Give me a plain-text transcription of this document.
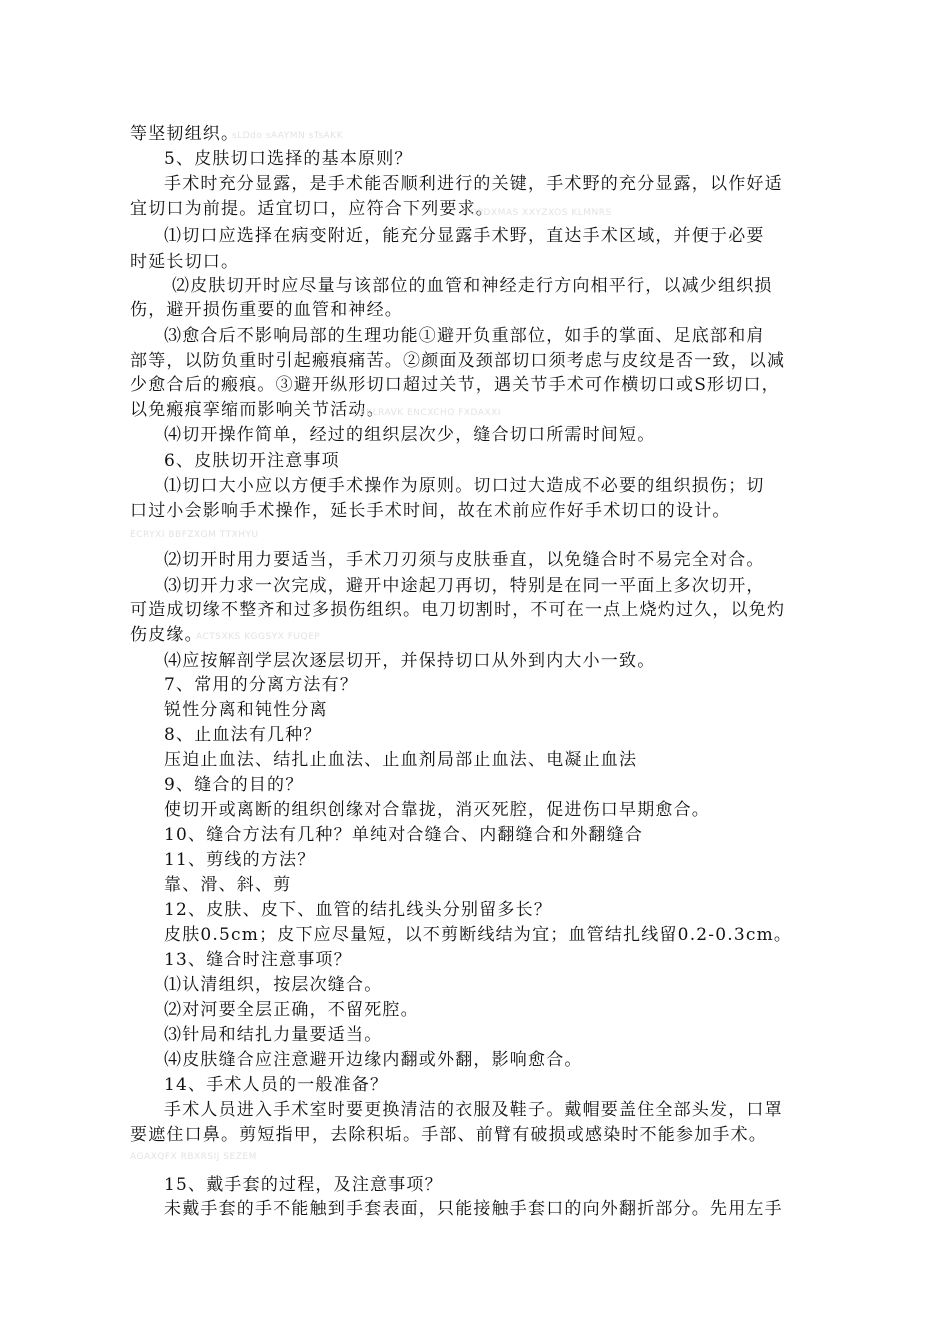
等坚韧组织。
5、皮肤切口选择的基本原则？
手术时充分显露，是手术能否顺利进行的关键，手术野的充分显露，以作好适
宜切口为前提。适宜切口，应符合下列要求。
⑴切口应选择在病变附近，能充分显露手术野，直达手术区域，并便于必要
时延长切口。
⑵皮肤切开时应尽量与该部位的血管和神经走行方向相平行，以减少组织损
伤，避开损伤重要的血管和神经。
⑶愈合后不影响局部的生理功能①避开负重部位，如手的掌面、足底部和肩
部等，以防负重时引起瘢痕痛苦。②颜面及颈部切口须考虑与皮纹是否一致，以减
少愈合后的瘢痕。③避开纵形切口超过关节，遇关节手术可作横切口或S形切口，
以免瘢痕挛缩而影响关节活动。
⑷切开操作简单，经过的组织层次少，缝合切口所需时间短。
6、皮肤切开注意事项
⑴切口大小应以方便手术操作为原则。切口过大造成不必要的组织损伤；切
口过小会影响手术操作，延长手术时间，故在术前应作好手术切口的设计。
⑵切开时用力要适当，手术刀刃须与皮肤垂直，以免缝合时不易完全对合。
⑶切开力求一次完成，避开中途起刀再切，特别是在同一平面上多次切开，
可造成切缘不整齐和过多损伤组织。电刀切割时，不可在一点上烧灼过久，以免灼
伤皮缘。
⑷应按解剖学层次逐层切开，并保持切口从外到内大小一致。
7、常用的分离方法有？
锐性分离和钝性分离
8、止血法有几种？
压迫止血法、结扎止血法、止血剂局部止血法、电凝止血法
9、缝合的目的？
使切开或离断的组织创缘对合靠拢，消灭死腔，促进伤口早期愈合。
10、缝合方法有几种？单纯对合缝合、内翻缝合和外翻缝合
11、剪线的方法？
靠、滑、斜、剪
12、皮肤、皮下、血管的结扎线头分别留多长？
皮肤0.5cm；皮下应尽量短，以不剪断线结为宜；血管结扎线留0.2-0.3cm。
13、缝合时注意事项？
⑴认清组织，按层次缝合。
⑵对河要全层正确，不留死腔。
⑶针局和结扎力量要适当。
⑷皮肤缝合应注意避开边缘内翻或外翻，影响愈合。
14、手术人员的一般准备？
手术人员进入手术室时要更换清洁的衣服及鞋子。戴帽要盖住全部头发，口罩
要遮住口鼻。剪短指甲，去除积垢。手部、前臂有破损或感染时不能参加手术。
15、戴手套的过程，及注意事项？
未戴手套的手不能触到手套表面，只能接触手套口的向外翻折部分。先用左手
sLDdo sAAYMN sTsAKK
OPDXMAS XXYZXOS KLMNRS
ECRYXI BBFZXGM TTXHYU
EKLRAVK ENCXCHO FXDAXXI
ACTSXKS KGGSYX FUQEP
AGAXQFX RBXRSIJ SEZEM
